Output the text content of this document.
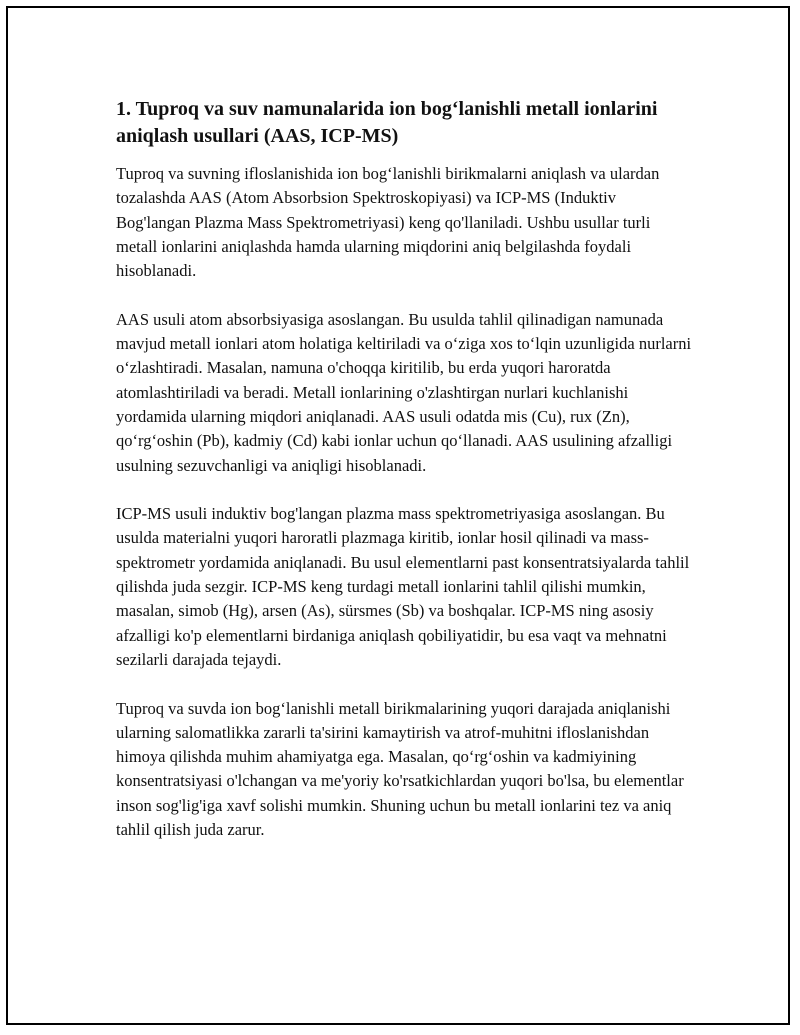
1. Tuproq va suv namunalarida ion bog‘lanishli metall ionlarini aniqlash usullari (AAS, ICP-MS)

Tuproq va suvning ifloslanishida ion bog‘lanishli birikmalarni aniqlash va ulardan tozalashda AAS (Atom Absorbsion Spektroskopiyasi) va ICP-MS (Induktiv Bog'langan Plazma Mass Spektrometriyasi) keng qo'llaniladi. Ushbu usullar turli metall ionlarini aniqlashda hamda ularning miqdorini aniq belgilashda foydali hisoblanadi.

AAS usuli atom absorbsiyasiga asoslangan. Bu usulda tahlil qilinadigan namunada mavjud metall ionlari atom holatiga keltiriladi va o‘ziga xos to‘lqin uzunligida nurlarni o‘zlashtiradi. Masalan, namuna o'choqqa kiritilib, bu erda yuqori haroratda atomlashtiriladi va beradi. Metall ionlarining o'zlashtirgan nurlari kuchlanishi yordamida ularning miqdori aniqlanadi. AAS usuli odatda mis (Cu), rux (Zn), qo‘rg‘oshin (Pb), kadmiy (Cd) kabi ionlar uchun qo‘llanadi. AAS usulining afzalligi usulning sezuvchanligi va aniqligi hisoblanadi.

ICP-MS usuli induktiv bog'langan plazma mass spektrometriyasiga asoslangan. Bu usulda materialni yuqori haroratli plazmaga kiritib, ionlar hosil qilinadi va mass-spektrometr yordamida aniqlanadi. Bu usul elementlarni past konsentratsiyalarda tahlil qilishda juda sezgir. ICP-MS keng turdagi metall ionlarini tahlil qilishi mumkin, masalan, simob (Hg), arsen (As), sürsmes (Sb) va boshqalar. ICP-MS ning asosiy afzalligi ko'p elementlarni birdaniga aniqlash qobiliyatidir, bu esa vaqt va mehnatni sezilarli darajada tejaydi.

Tuproq va suvda ion bog‘lanishli metall birikmalarining yuqori darajada aniqlanishi ularning salomatlikka zararli ta'sirini kamaytirish va atrof-muhitni ifloslanishdan himoya qilishda muhim ahamiyatga ega. Masalan, qo‘rg‘oshin va kadmiyining konsentratsiyasi o'lchangan va me'yoriy ko'rsatkichlardan yuqori bo'lsa, bu elementlar inson sog'lig'iga xavf solishi mumkin. Shuning uchun bu metall ionlarini tez va aniq tahlil qilish juda zarur.
